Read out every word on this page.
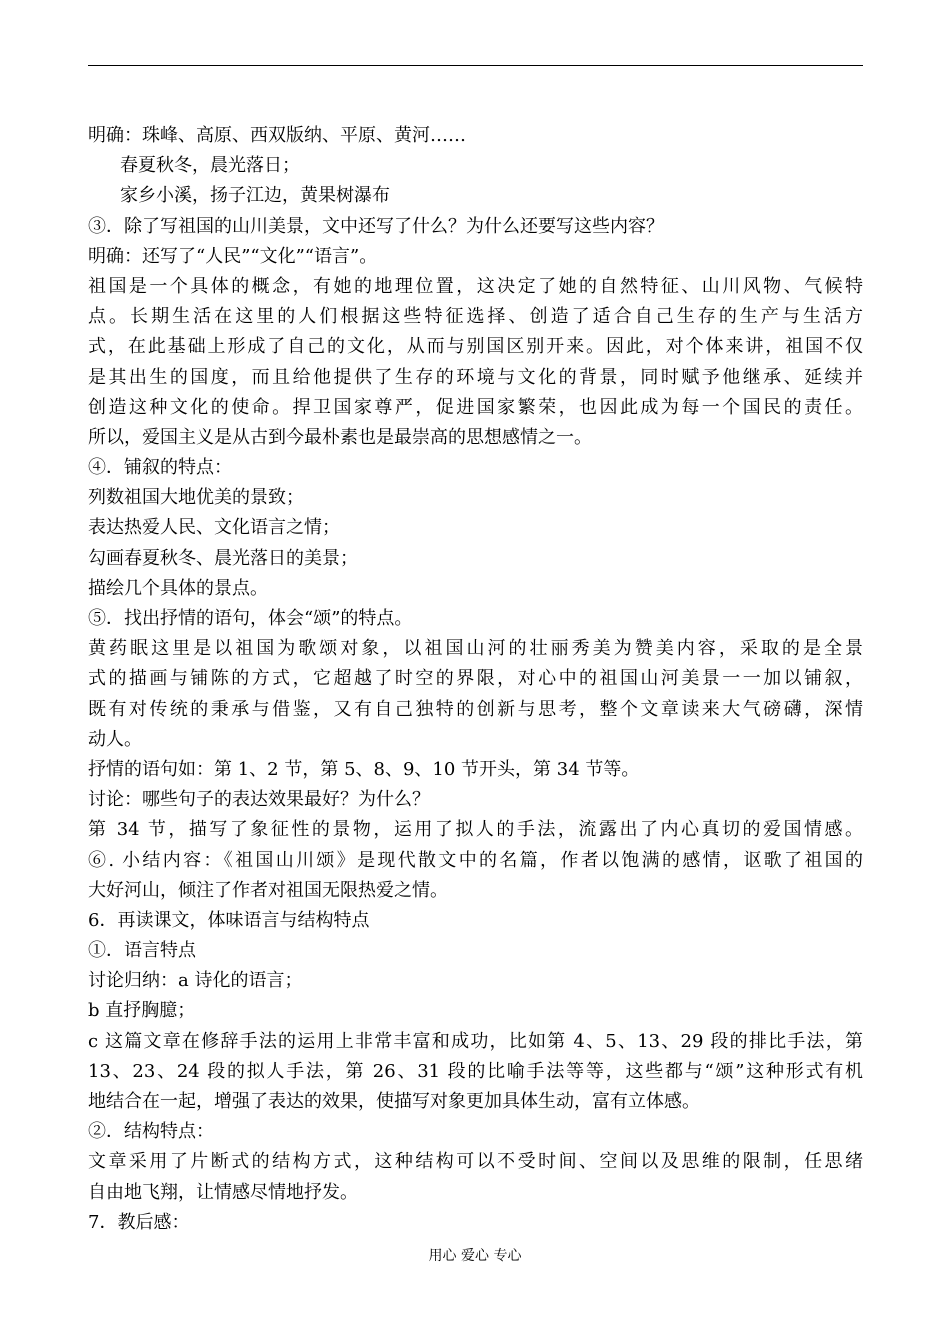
明确：珠峰、高原、西双版纳、平原、黄河……
春夏秋冬，晨光落日；
家乡小溪，扬子江边，黄果树瀑布
③．除了写祖国的山川美景，文中还写了什么？为什么还要写这些内容？
明确：还写了“人民”“文化”“语言”。
祖国是一个具体的概念，有她的地理位置，这决定了她的自然特征、山川风物、气候特
点。长期生活在这里的人们根据这些特征选择、创造了适合自己生存的生产与生活方
式，在此基础上形成了自己的文化，从而与别国区别开来。因此，对个体来讲，祖国不仅
是其出生的国度，而且给他提供了生存的环境与文化的背景，同时赋予他继承、延续并
创造这种文化的使命。捍卫国家尊严，促进国家繁荣，也因此成为每一个国民的责任。
所以，爱国主义是从古到今最朴素也是最崇高的思想感情之一。
④．铺叙的特点：
列数祖国大地优美的景致；
表达热爱人民、文化语言之情；
勾画春夏秋冬、晨光落日的美景；
描绘几个具体的景点。
⑤．找出抒情的语句，体会“颂”的特点。
黄药眠这里是以祖国为歌颂对象，以祖国山河的壮丽秀美为赞美内容，采取的是全景
式的描画与铺陈的方式，它超越了时空的界限，对心中的祖国山河美景一一加以铺叙，
既有对传统的秉承与借鉴，又有自己独特的创新与思考，整个文章读来大气磅礴，深情
动人。
抒情的语句如：第 1、2 节，第 5、8、9、10 节开头，第 34 节等。
讨论：哪些句子的表达效果最好？为什么？
第 34 节，描写了象征性的景物，运用了拟人的手法，流露出了内心真切的爱国情感。
⑥. 小结内容：《祖国山川颂》是现代散文中的名篇，作者以饱满的感情，讴歌了祖国的
大好河山，倾注了作者对祖国无限热爱之情。
6．再读课文，体味语言与结构特点
①．语言特点
讨论归纳：a 诗化的语言；
b 直抒胸臆；
c 这篇文章在修辞手法的运用上非常丰富和成功，比如第 4、5、13、29 段的排比手法，第
13、23、24 段的拟人手法，第 26、31 段的比喻手法等等，这些都与“颂”这种形式有机
地结合在一起，增强了表达的效果，使描写对象更加具体生动，富有立体感。
②．结构特点：
文章采用了片断式的结构方式，这种结构可以不受时间、空间以及思维的限制，任思绪
自由地飞翔，让情感尽情地抒发。
7．教后感：
用心 爱心 专心
